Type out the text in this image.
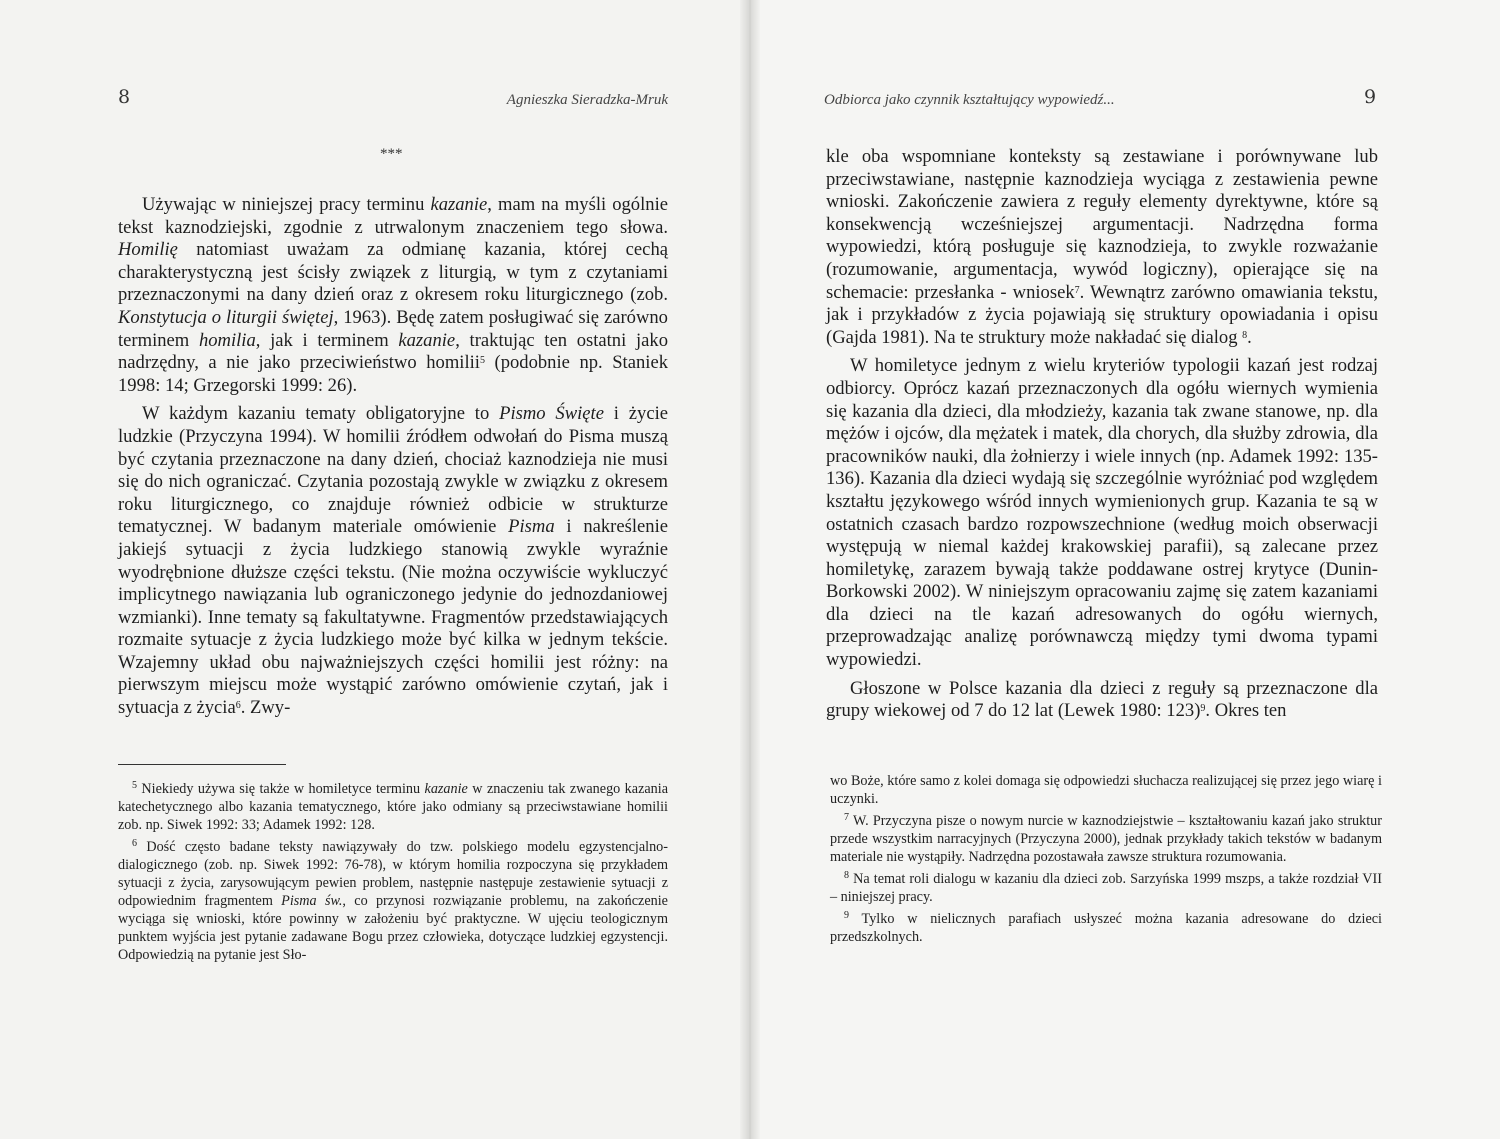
8	Agnieszka Sieradzka-Mruk
***

Używając w niniejszej pracy terminu kazanie, mam na myśli ogólnie tekst kaznodziejski, zgodnie z utrwalonym znaczeniem tego słowa. Homilię natomiast uważam za odmianę kazania, której cechą charakterystyczną jest ścisły związek z liturgią, w tym z czytaniami przeznaczonymi na dany dzień oraz z okresem roku liturgicznego (zob. Konstytucja o liturgii świętej, 1963). Będę zatem posługiwać się zarówno terminem homilia, jak i terminem kazanie, traktując ten ostatni jako nadrzędny, a nie jako przeciwieństwo homilii$^5$ (podobnie np. Staniek 1998: 14; Grzegorski 1999: 26).

W każdym kazaniu tematy obligatoryjne to Pismo Święte i życie ludzkie (Przyczyna 1994). W homilii źródłem odwołań do Pisma muszą być czytania przeznaczone na dany dzień, chociaż kaznodzieja nie musi się do nich ograniczać. Czytania pozostają zwykle w związku z okresem roku liturgicznego, co znajduje również odbicie w strukturze tematycznej. W badanym materiale omówienie Pisma i nakreślenie jakiejś sytuacji z życia ludzkiego stanowią zwykle wyraźnie wyodrębnione dłuższe części tekstu. (Nie można oczywiście wykluczyć implicytnego nawiązania lub ograniczonego jedynie do jednozdaniowej wzmianki). Inne tematy są fakultatywne. Fragmentów przedstawiających rozmaite sytuacje z życia ludzkiego może być kilka w jednym tekście. Wzajemny układ obu najważniejszych części homilii jest różny: na pierwszym miejscu może wystąpić zarówno omówienie czytań, jak i sytuacja z życia$^6$. Zwy-

$^5$ Niekiedy używa się także w homiletyce terminu kazanie w znaczeniu tak zwanego kazania katechetycznego albo kazania tematycznego, które jako odmiany są przeciwstawiane homilii zob. np. Siwek 1992: 33; Adamek 1992: 128.

$^6$ Dość często badane teksty nawiązywały do tzw. polskiego modelu egzystencjalno-dialogicznego (zob. np. Siwek 1992: 76-78), w którym homilia rozpoczyna się przykładem sytuacji z życia, zarysowującym pewien problem, następnie następuje zestawienie sytuacji z odpowiednim fragmentem Pisma św., co przynosi rozwiązanie problemu, na zakończenie wyciąga się wnioski, które powinny w założeniu być praktyczne. W ujęciu teologicznym punktem wyjścia jest pytanie zadawane Bogu przez człowieka, dotyczące ludzkiej egzystencji. Odpowiedzią na pytanie jest Sło-

Odbiorca jako czynnik kształtujący wypowiedź...	9

kle oba wspomniane konteksty są zestawiane i porównywane lub przeciwstawiane, następnie kaznodzieja wyciąga z zestawienia pewne wnioski. Zakończenie zawiera z reguły elementy dyrektywne, które są konsekwencją wcześniejszej argumentacji. Nadrzędna forma wypowiedzi, którą posługuje się kaznodzieja, to zwykle rozważanie (rozumowanie, argumentacja, wywód logiczny), opierające się na schemacie: przesłanka - wniosek$^7$. Wewnątrz zarówno omawiania tekstu, jak i przykładów z życia pojawiają się struktury opowiadania i opisu (Gajda 1981). Na te struktury może nakładać się dialog $^8$.

W homiletyce jednym z wielu kryteriów typologii kazań jest rodzaj odbiorcy. Oprócz kazań przeznaczonych dla ogółu wiernych wymienia się kazania dla dzieci, dla młodzieży, kazania tak zwane stanowe, np. dla mężów i ojców, dla mężatek i matek, dla chorych, dla służby zdrowia, dla pracowników nauki, dla żołnierzy i wiele innych (np. Adamek 1992: 135-136). Kazania dla dzieci wydają się szczególnie wyróżniać pod względem kształtu językowego wśród innych wymienionych grup. Kazania te są w ostatnich czasach bardzo rozpowszechnione (według moich obserwacji występują w niemal każdej krakowskiej parafii), są zalecane przez homiletykę, zarazem bywają także poddawane ostrej krytyce (Dunin-Borkowski 2002). W niniejszym opracowaniu zajmę się zatem kazaniami dla dzieci na tle kazań adresowanych do ogółu wiernych, przeprowadzając analizę porównawczą między tymi dwoma typami wypowiedzi.

Głoszone w Polsce kazania dla dzieci z reguły są przeznaczone dla grupy wiekowej od 7 do 12 lat (Lewek 1980: 123)$^9$. Okres ten

wo Boże, które samo z kolei domaga się odpowiedzi słuchacza realizującej się przez jego wiarę i uczynki.

$^7$ W. Przyczyna pisze o nowym nurcie w kaznodziejstwie – kształtowaniu kazań jako struktur przede wszystkim narracyjnych (Przyczyna 2000), jednak przykłady takich tekstów w badanym materiale nie wystąpiły. Nadrzędna pozostawała zawsze struktura rozumowania.

$^8$ Na temat roli dialogu w kazaniu dla dzieci zob. Sarzyńska 1999 mszps, a także rozdział VII – niniejszej pracy.

$^9$ Tylko w nielicznych parafiach usłyszeć można kazania adresowane do dzieci przedszkolnych.
